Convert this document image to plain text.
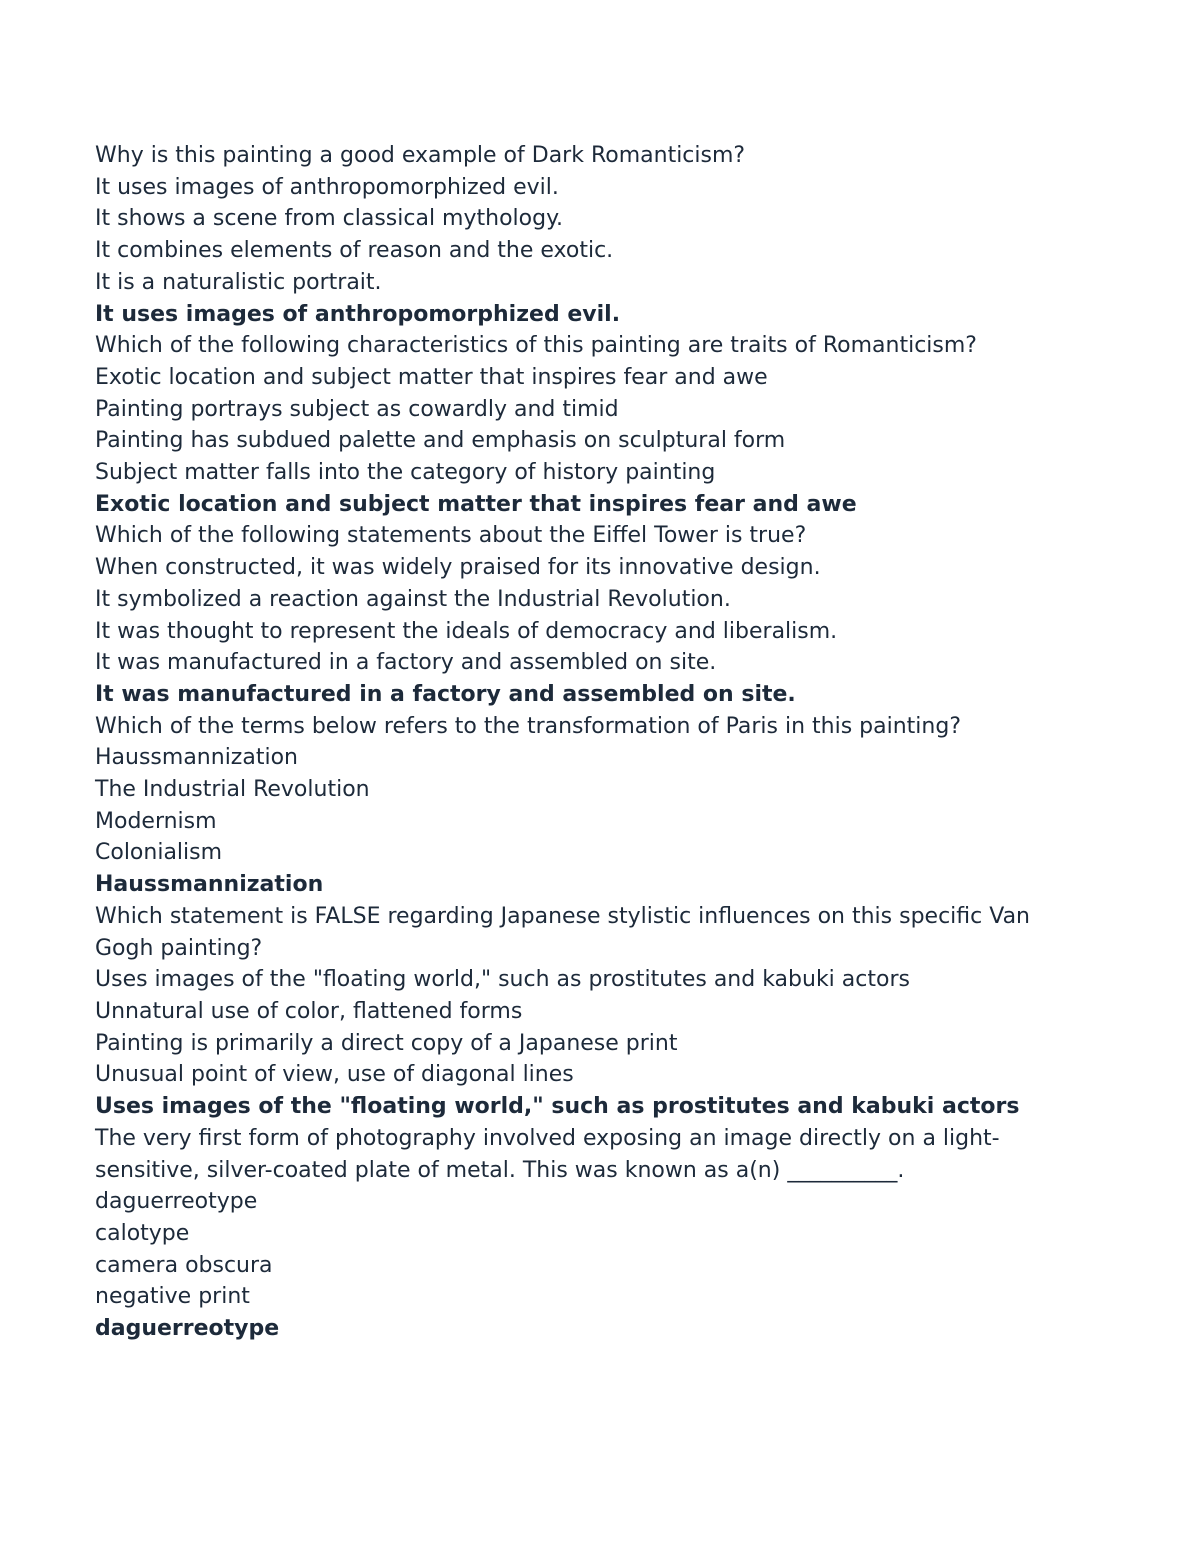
Why is this painting a good example of Dark Romanticism?

It uses images of anthropomorphized evil.

It shows a scene from classical mythology.

It combines elements of reason and the exotic.

It is a naturalistic portrait.

It uses images of anthropomorphized evil.

Which of the following characteristics of this painting are traits of Romanticism?

Exotic location and subject matter that inspires fear and awe

Painting portrays subject as cowardly and timid

Painting has subdued palette and emphasis on sculptural form

Subject matter falls into the category of history painting

Exotic location and subject matter that inspires fear and awe

Which of the following statements about the Eiffel Tower is true?

When constructed, it was widely praised for its innovative design.

It symbolized a reaction against the Industrial Revolution.

It was thought to represent the ideals of democracy and liberalism.

It was manufactured in a factory and assembled on site.

It was manufactured in a factory and assembled on site.

Which of the terms below refers to the transformation of Paris in this painting?

Haussmannization

The Industrial Revolution

Modernism

Colonialism

Haussmannization

Which statement is FALSE regarding Japanese stylistic influences on this specific Van Gogh painting?

Uses images of the "floating world," such as prostitutes and kabuki actors

Unnatural use of color, flattened forms

Painting is primarily a direct copy of a Japanese print

Unusual point of view, use of diagonal lines

Uses images of the "floating world," such as prostitutes and kabuki actors

The very first form of photography involved exposing an image directly on a light-sensitive, silver-coated plate of metal. This was known as a(n) __________.

daguerreotype

calotype

camera obscura

negative print

daguerreotype
